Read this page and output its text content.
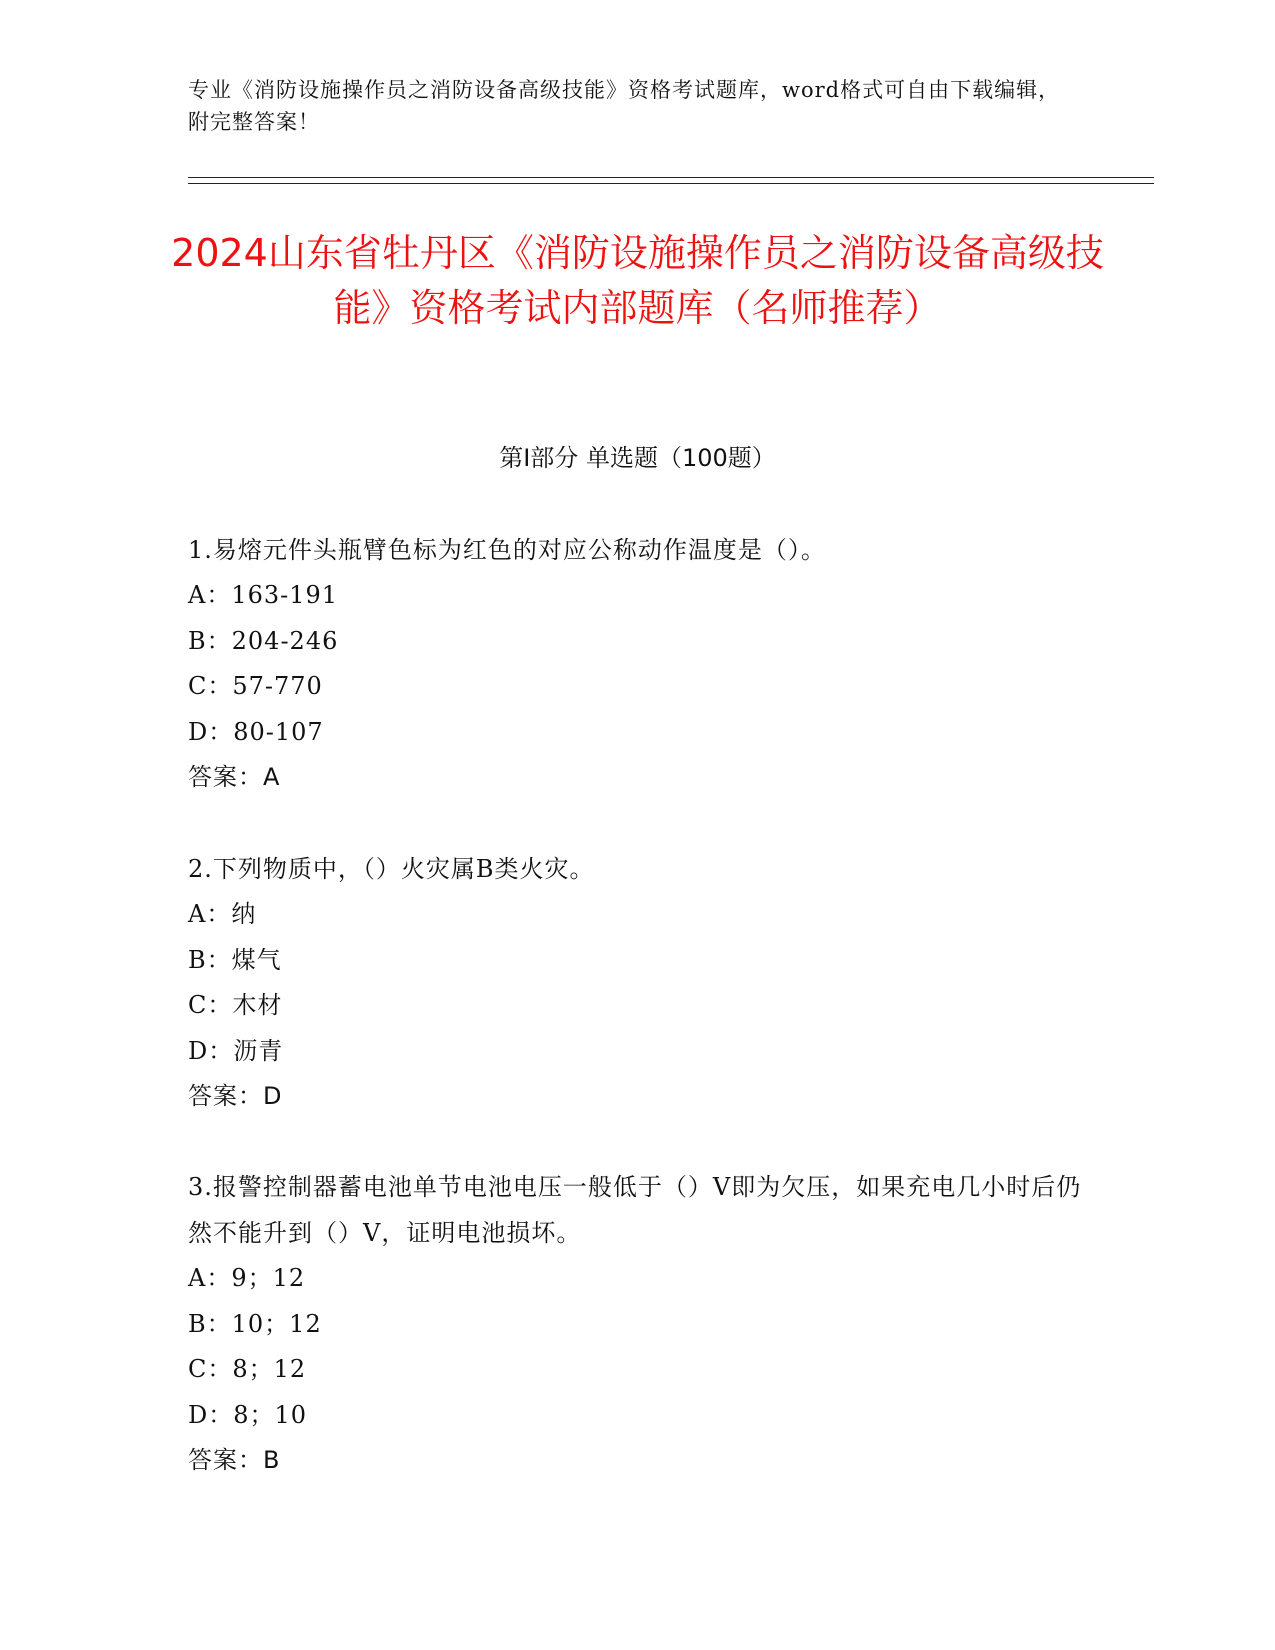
专业《消防设施操作员之消防设备高级技能》资格考试题库，word格式可自由下载编辑，附完整答案！
2024山东省牡丹区《消防设施操作员之消防设备高级技能》资格考试内部题库（名师推荐）
第Ⅰ部分 单选题（100题）
1.易熔元件头瓶臂色标为红色的对应公称动作温度是（）。
A：163-191
B：204-246
C：57-770
D：80-107
答案：A
2.下列物质中，（）火灾属B类火灾。
A：纳
B：煤气
C：木材
D：沥青
答案：D
3.报警控制器蓄电池单节电池电压一般低于（）V即为欠压，如果充电几小时后仍然不能升到（）V，证明电池损坏。
A：9；12
B：10；12
C：8；12
D：8；10
答案：B
